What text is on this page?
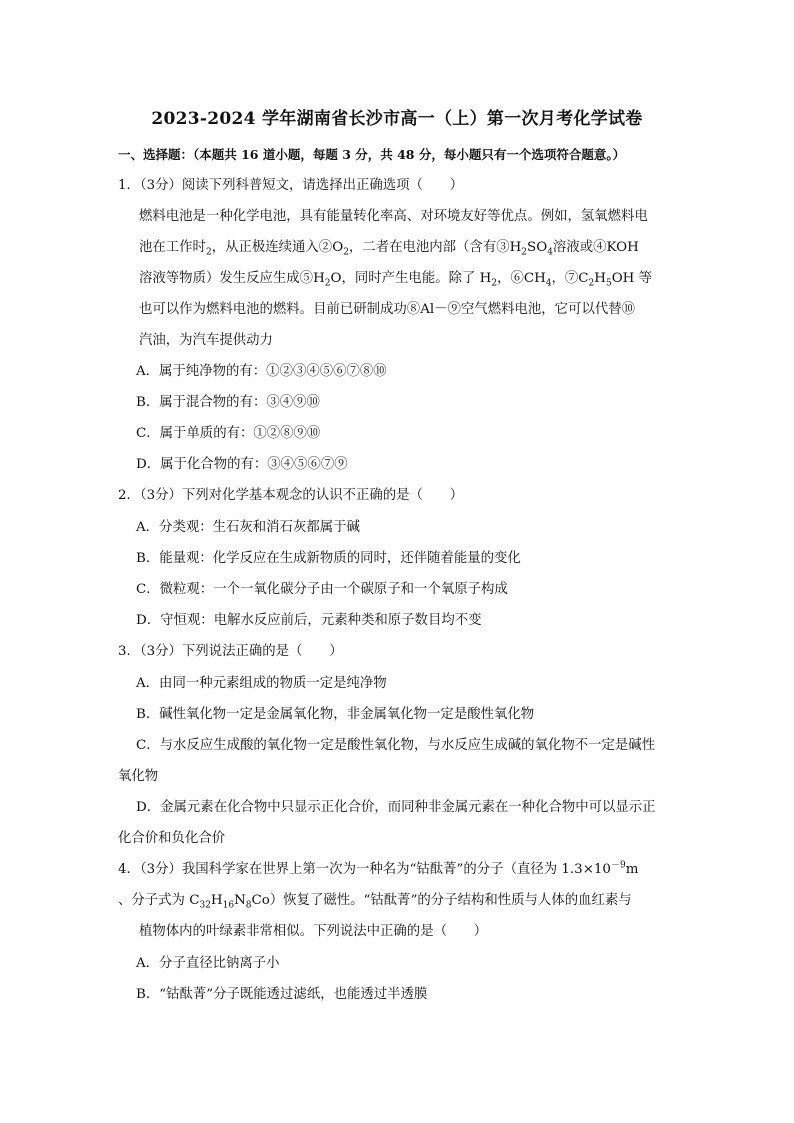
2023-2024 学年湖南省长沙市高一（上）第一次月考化学试卷
一、选择题：（本题共 16 道小题，每题 3 分，共 48 分，每小题只有一个选项符合题意。）
1．（3分）阅读下列科普短文，请选择出正确选项（　　）
燃料电池是一种化学电池，具有能量转化率高、对环境友好等优点。例如，氢氧燃料电
池在工作时$_2$，从正极连续通入$②O_2$，二者在电池内部（含有$③H_2SO_4$溶液或④KOH
溶液等物质）发生反应生成$⑤H_2O$，同时产生电能。除了 $H_2$，$⑥CH_4$，$⑦C_2H_5OH$ 等
也可以作为燃料电池的燃料。目前已研制成功⑧Al－⑨空气燃料电池，它可以代替⑩
汽油，为汽车提供动力
A．属于纯净物的有：①②③④⑤⑥⑦⑧⑩
B．属于混合物的有：③④⑨⑩
C．属于单质的有：①②⑧⑨⑩
D．属于化合物的有：③④⑤⑥⑦⑨
2．（3分）下列对化学基本观念的认识不正确的是（　　）
A．分类观：生石灰和消石灰都属于碱
B．能量观：化学反应在生成新物质的同时，还伴随着能量的变化
C．微粒观：一个一氧化碳分子由一个碳原子和一个氧原子构成
D．守恒观：电解水反应前后，元素种类和原子数目均不变
3．（3分）下列说法正确的是（　　）
A．由同一种元素组成的物质一定是纯净物
B．碱性氧化物一定是金属氧化物，非金属氧化物一定是酸性氧化物
C．与水反应生成酸的氧化物一定是酸性氧化物，与水反应生成碱的氧化物不一定是碱性
氧化物
D．金属元素在化合物中只显示正化合价，而同种非金属元素在一种化合物中可以显示正
化合价和负化合价
4．（3分）我国科学家在世界上第一次为一种名为“钴酞菁”的分子（直径为 $1.3\times 10^{-9}m$
、分子式为 $C_{32}H_{16}N_8Co$）恢复了磁性。“钴酞菁”的分子结构和性质与人体的血红素与
植物体内的叶绿素非常相似。下列说法中正确的是（　　）
A．分子直径比钠离子小
B．“钴酞菁”分子既能透过滤纸，也能透过半透膜
